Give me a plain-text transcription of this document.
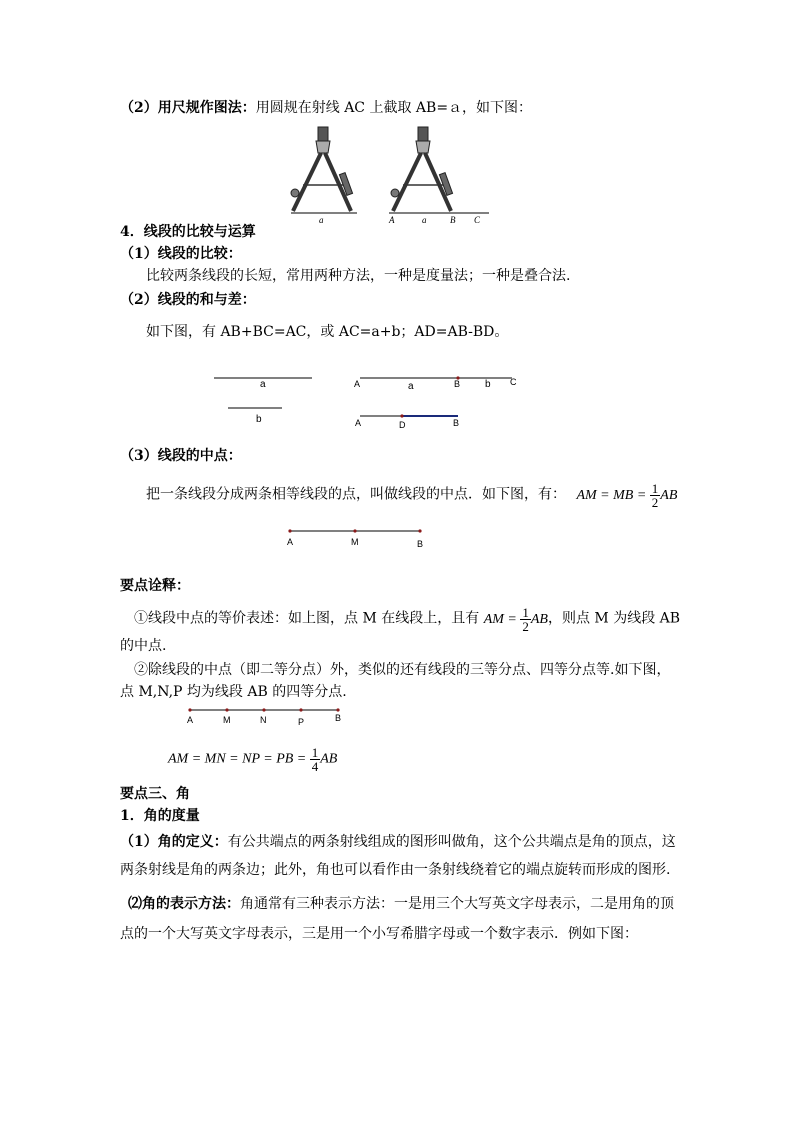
（2）用尺规作图法：用圆规在射线 AC 上截取 AB=ａ，如下图：
a	A	a	B C
4．线段的比较与运算
（1）线段的比较：
比较两条线段的长短，常用两种方法，一种是度量法；一种是叠合法.
（2）线段的和与差：
如下图，有 AB+BC=AC，或 AC=a+b；AD=AB-BD。
a
b
A	a	B b C
A	D	B
（3）线段的中点：
把一条线段分成两条相等线段的点，叫做线段的中点．如下图，有： AM = MB = $\frac{1}{2}$ AB
A	M	B
要点诠释：
①线段中点的等价表述：如上图，点 M 在线段上，且有 AM = $\frac{1}{2}$ AB，则点 M 为线段 AB
的中点.
②除线段的中点（即二等分点）外，类似的还有线段的三等分点、四等分点等.如下图，
点 M,N,P 均为线段 AB 的四等分点.
A	M	N	P	B
AM = MN = NP = PB = $\frac{1}{4}$ AB
要点三、角
1．角的度量
（1）角的定义：有公共端点的两条射线组成的图形叫做角，这个公共端点是角的顶点，这
两条射线是角的两条边；此外，角也可以看作由一条射线绕着它的端点旋转而形成的图形.
⑵角的表示方法：角通常有三种表示方法：一是用三个大写英文字母表示，二是用角的顶
点的一个大写英文字母表示，三是用一个小写希腊字母或一个数字表示．例如下图：
